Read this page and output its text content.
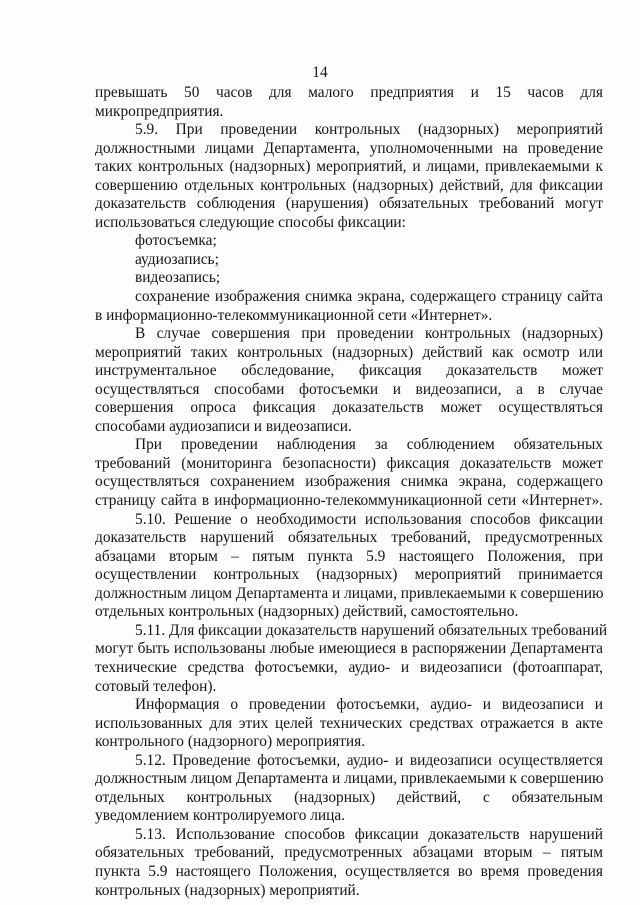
14
превышать 50 часов для малого предприятия и 15 часов для
микропредприятия.
5.9. При проведении контрольных (надзорных) мероприятий
должностными лицами Департамента, уполномоченными на проведение
таких контрольных (надзорных) мероприятий, и лицами, привлекаемыми к
совершению отдельных контрольных (надзорных) действий, для фиксации
доказательств соблюдения (нарушения) обязательных требований могут
использоваться следующие способы фиксации:
фотосъемка;
аудиозапись;
видеозапись;
сохранение изображения снимка экрана, содержащего страницу сайта
в информационно-телекоммуникационной сети «Интернет».
В случае совершения при проведении контрольных (надзорных)
мероприятий таких контрольных (надзорных) действий как осмотр или
инструментальное обследование, фиксация доказательств может
осуществляться способами фотосъемки и видеозаписи, а в случае
совершения опроса фиксация доказательств может осуществляться
способами аудиозаписи и видеозаписи.
При проведении наблюдения за соблюдением обязательных
требований (мониторинга безопасности) фиксация доказательств может
осуществляться сохранением изображения снимка экрана, содержащего
страницу сайта в информационно-телекоммуникационной сети «Интернет».
5.10. Решение о необходимости использования способов фиксации
доказательств нарушений обязательных требований, предусмотренных
абзацами вторым – пятым пункта 5.9 настоящего Положения, при
осуществлении контрольных (надзорных) мероприятий принимается
должностным лицом Департамента и лицами, привлекаемыми к совершению
отдельных контрольных (надзорных) действий, самостоятельно.
5.11. Для фиксации доказательств нарушений обязательных требований
могут быть использованы любые имеющиеся в распоряжении Департамента
технические средства фотосъемки, аудио- и видеозаписи (фотоаппарат,
сотовый телефон).
Информация о проведении фотосъемки, аудио- и видеозаписи и
использованных для этих целей технических средствах отражается в акте
контрольного (надзорного) мероприятия.
5.12. Проведение фотосъемки, аудио- и видеозаписи осуществляется
должностным лицом Департамента и лицами, привлекаемыми к совершению
отдельных контрольных (надзорных) действий, с обязательным
уведомлением контролируемого лица.
5.13. Использование способов фиксации доказательств нарушений
обязательных требований, предусмотренных абзацами вторым – пятым
пункта 5.9 настоящего Положения, осуществляется во время проведения
контрольных (надзорных) мероприятий.
